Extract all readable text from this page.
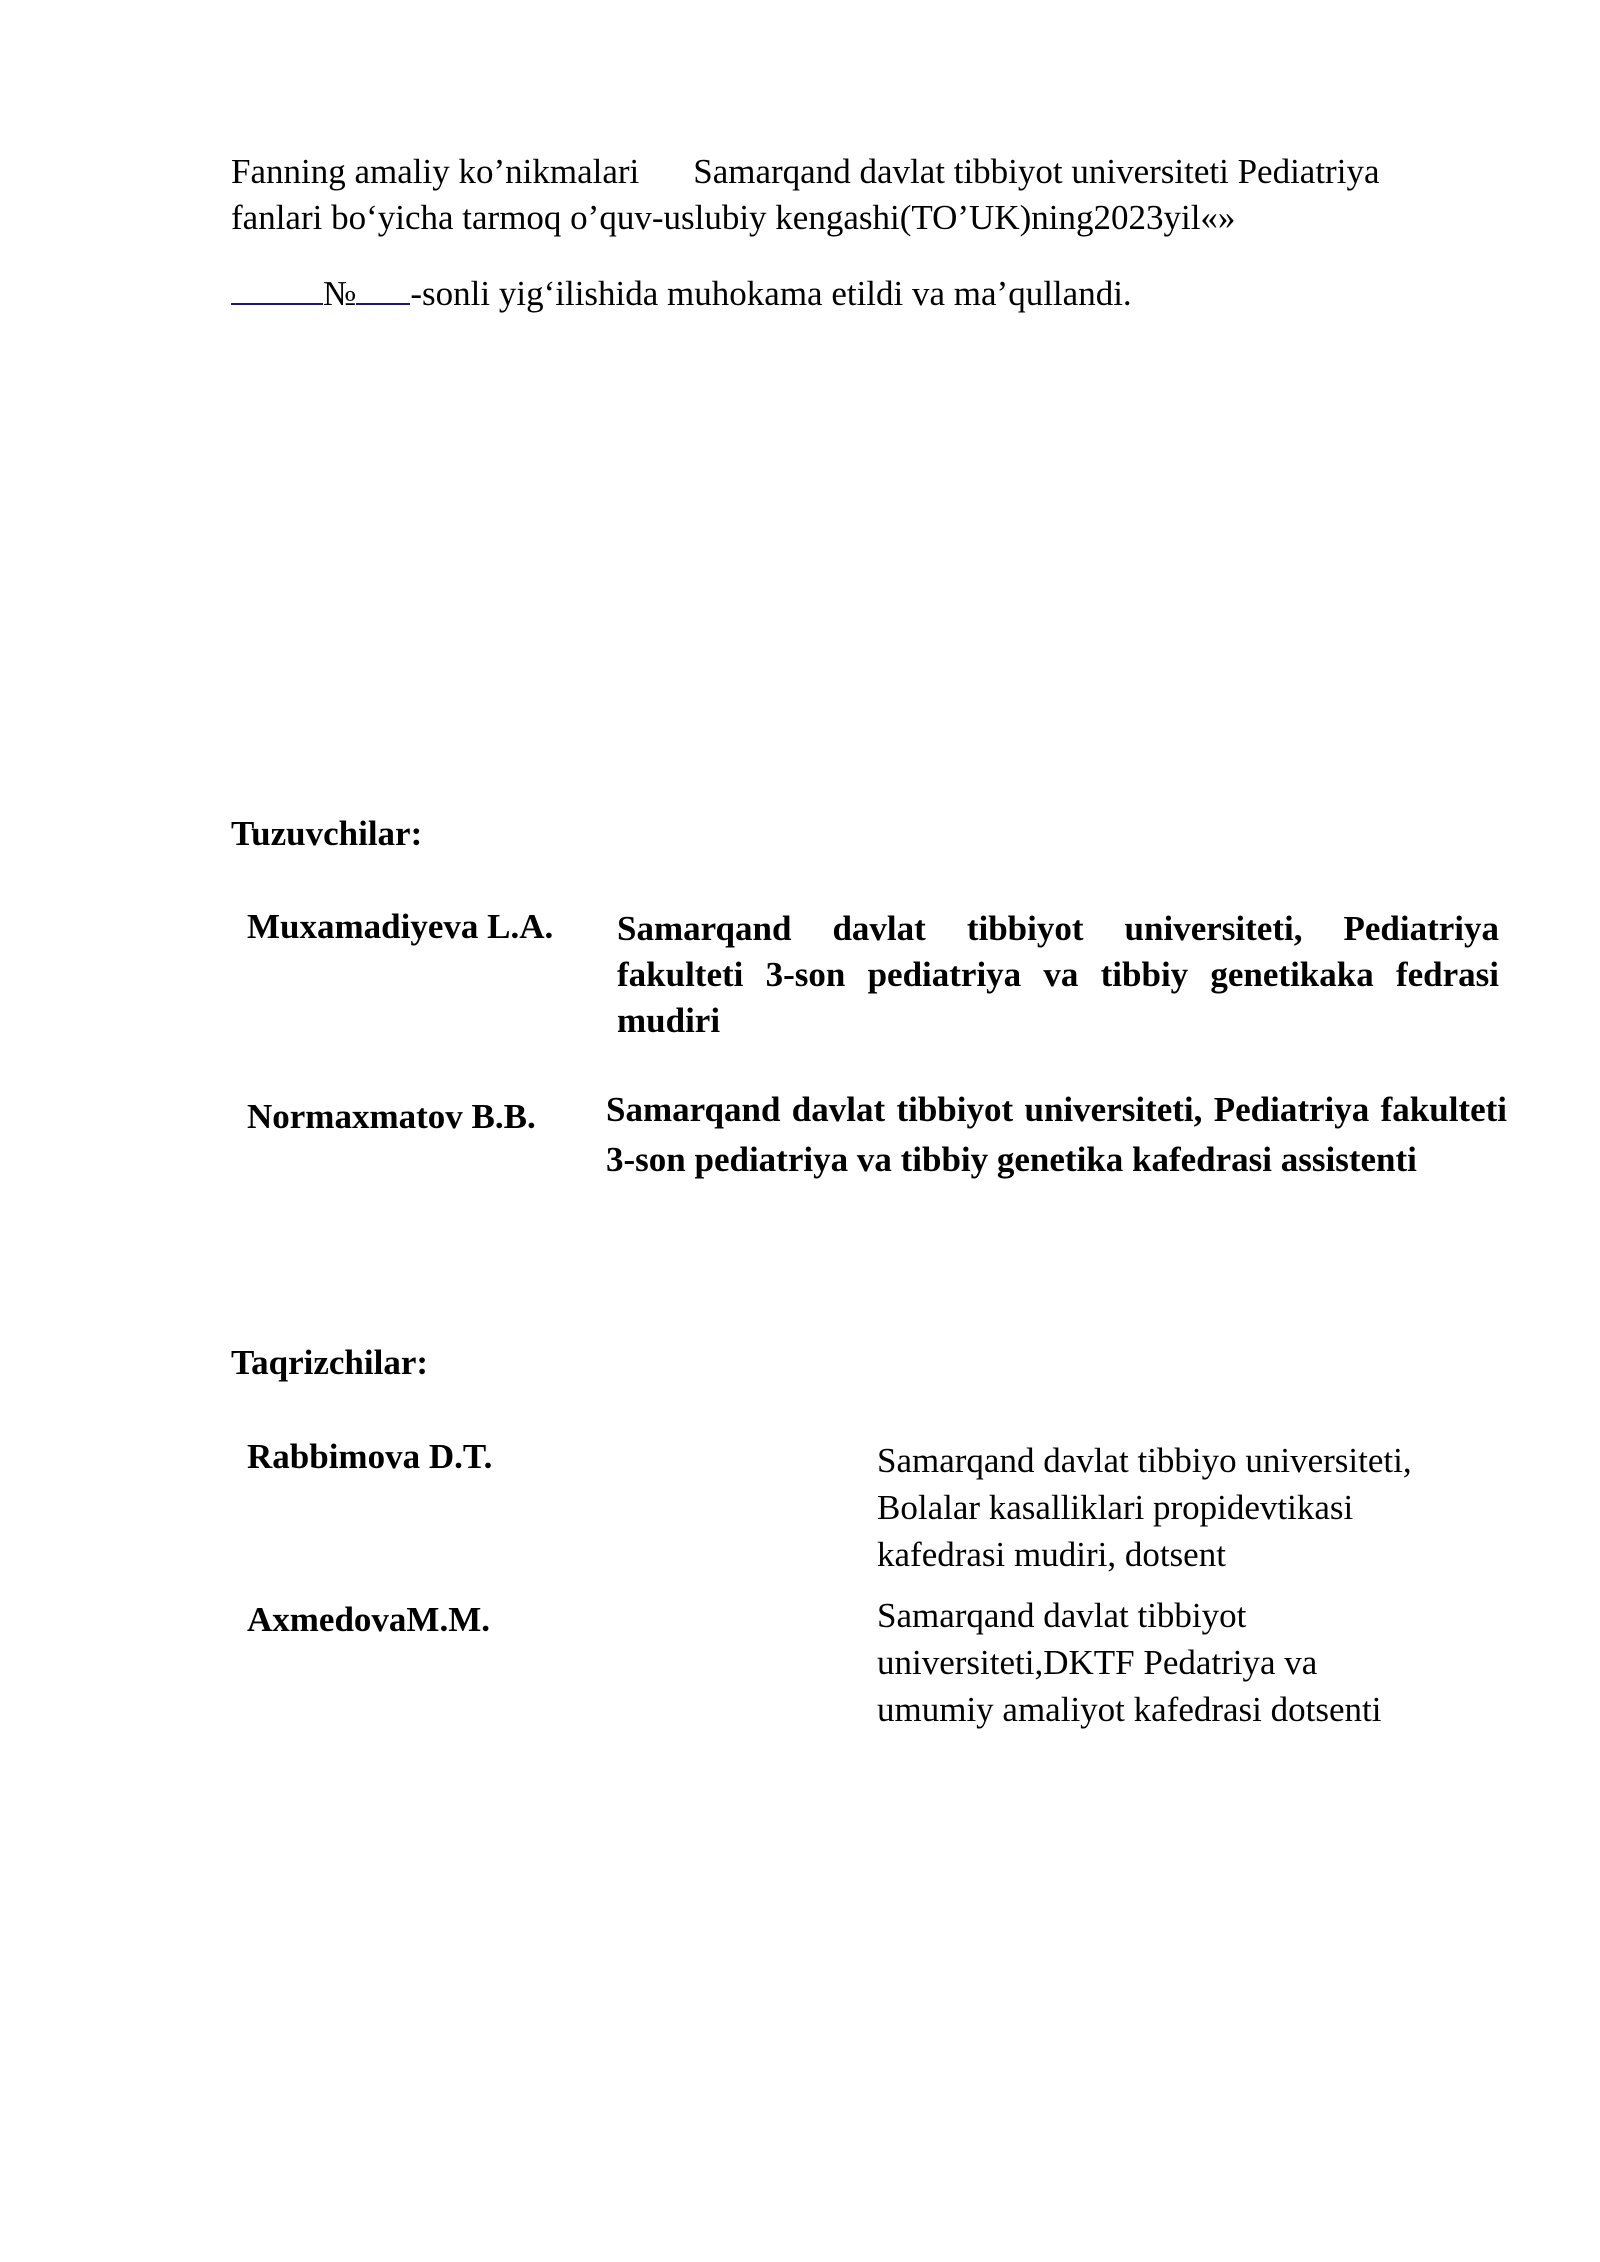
Fanning amaliy ko’nikmalari Samarqand davlat tibbiyot universiteti Pediatriya
fanlari bo‘yicha tarmoq o’quv-uslubiy kengashi(TO’UK)ning2023yil«»
№ -sonli yig‘ilishida muhokama etildi va ma’qullandi.
Tuzuvchilar:
Muxamadiyeva L.A. Samarqand davlat tibbiyot universiteti, Pediatriya fakulteti 3-son pediatriya va tibbiy genetikaka fedrasi mudiri
Normaxmatov B.B. Samarqand davlat tibbiyot universiteti, Pediatriya fakulteti 3-son pediatriya va tibbiy genetika kafedrasi assistenti
Taqrizchilar:
Rabbimova D.T.	Samarqand davlat tibbiyo universiteti,
Bolalar kasalliklari propidevtikasi
kafedrasi mudiri, dotsent
AxmedovaM.M.	Samarqand davlat tibbiyot
universiteti,DKTF Pedatriya va
umumiy amaliyot kafedrasi dotsenti
